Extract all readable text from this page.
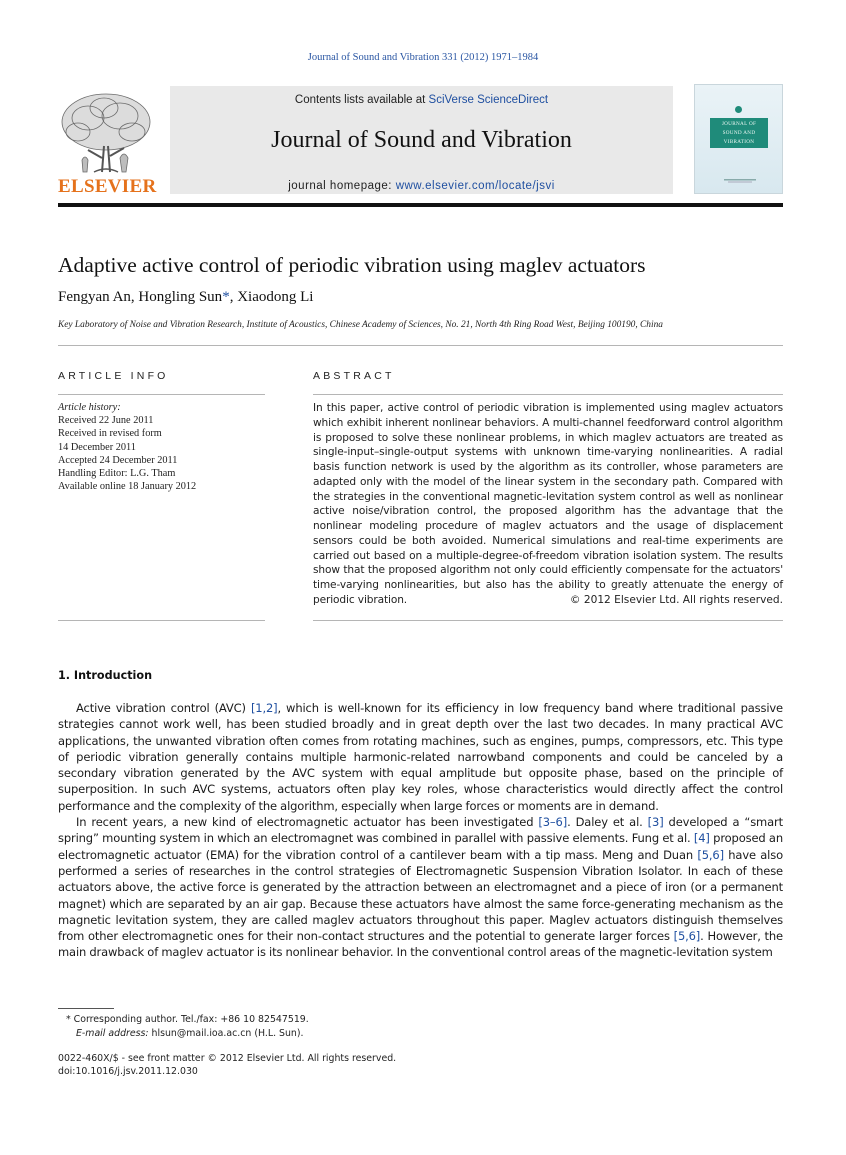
Journal of Sound and Vibration 331 (2012) 1971–1984
ELSEVIER
Contents lists available at SciVerse ScienceDirect
Journal of Sound and Vibration
journal homepage: www.elsevier.com/locate/jsvi
JOURNAL OF
SOUND AND
VIBRATION
Adaptive active control of periodic vibration using maglev actuators
Fengyan An, Hongling Sun*, Xiaodong Li
Key Laboratory of Noise and Vibration Research, Institute of Acoustics, Chinese Academy of Sciences, No. 21, North 4th Ring Road West, Beijing 100190, China
ARTICLE INFO
Article history:
Received 22 June 2011
Received in revised form
14 December 2011
Accepted 24 December 2011
Handling Editor: L.G. Tham
Available online 18 January 2012
ABSTRACT
In this paper, active control of periodic vibration is implemented using maglev actuators which exhibit inherent nonlinear behaviors. A multi-channel feedforward control algorithm is proposed to solve these nonlinear problems, in which maglev actuators are treated as single-input–single-output systems with unknown time-varying nonlinearities. A radial basis function network is used by the algorithm as its controller, whose parameters are adapted only with the model of the linear system in the secondary path. Compared with the strategies in the conventional magnetic-levitation system control as well as nonlinear active noise/vibration control, the proposed algorithm has the advantage that the nonlinear modeling procedure of maglev actuators and the usage of displacement sensors could be both avoided. Numerical simulations and real-time experiments are carried out based on a multiple-degree-of-freedom vibration isolation system. The results show that the proposed algorithm not only could efficiently compensate for the actuators' time-varying nonlinearities, but also has the ability to greatly attenuate the energy of periodic vibration.	© 2012 Elsevier Ltd. All rights reserved.
1. Introduction

Active vibration control (AVC) [1,2], which is well-known for its efficiency in low frequency band where traditional passive strategies cannot work well, has been studied broadly and in great depth over the last two decades. In many practical AVC applications, the unwanted vibration often comes from rotating machines, such as engines, pumps, compressors, etc. This type of periodic vibration generally contains multiple harmonic-related narrowband components and could be canceled by a secondary vibration generated by the AVC system with equal amplitude but opposite phase, based on the principle of superposition. In such AVC systems, actuators often play key roles, whose characteristics would directly affect the control performance and the complexity of the algorithm, especially when large forces or moments are in demand.

In recent years, a new kind of electromagnetic actuator has been investigated [3–6]. Daley et al. [3] developed a “smart spring” mounting system in which an electromagnet was combined in parallel with passive elements. Fung et al. [4] proposed an electromagnetic actuator (EMA) for the vibration control of a cantilever beam with a tip mass. Meng and Duan [5,6] have also performed a series of researches in the control strategies of Electromagnetic Suspension Vibration Isolator. In each of these actuators above, the active force is generated by the attraction between an electromagnet and a piece of iron (or a permanent magnet) which are separated by an air gap. Because these actuators have almost the same force-generating mechanism as the magnetic levitation system, they are called maglev actuators throughout this paper. Maglev actuators distinguish themselves from other electromagnetic ones for their non-contact structures and the potential to generate larger forces [5,6]. However, the main drawback of maglev actuator is its nonlinear behavior. In the conventional control areas of the magnetic-levitation system

* Corresponding author. Tel./fax: +86 10 82547519.
E-mail address: hlsun@mail.ioa.ac.cn (H.L. Sun).
0022-460X/$ - see front matter © 2012 Elsevier Ltd. All rights reserved.
doi:10.1016/j.jsv.2011.12.030
